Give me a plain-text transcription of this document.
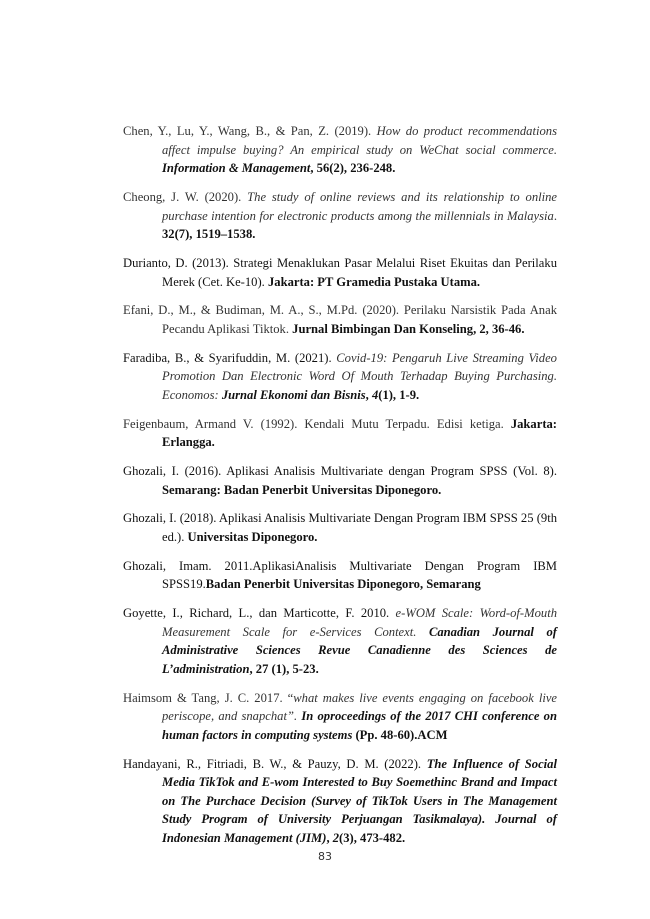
Chen, Y., Lu, Y., Wang, B., & Pan, Z. (2019). How do product recommendations affect impulse buying? An empirical study on WeChat social commerce. Information & Management, 56(2), 236-248.

Cheong, J. W. (2020). The study of online reviews and its relationship to online purchase intention for electronic products among the millennials in Malaysia. 32(7), 1519–1538.

Durianto, D. (2013). Strategi Menaklukan Pasar Melalui Riset Ekuitas dan Perilaku Merek (Cet. Ke-10). Jakarta: PT Gramedia Pustaka Utama.

Efani, D., M., & Budiman, M. A., S., M.Pd. (2020). Perilaku Narsistik Pada Anak Pecandu Aplikasi Tiktok. Jurnal Bimbingan Dan Konseling, 2, 36-46.

Faradiba, B., & Syarifuddin, M. (2021). Covid-19: Pengaruh Live Streaming Video Promotion Dan Electronic Word Of Mouth Terhadap Buying Purchasing. Economos: Jurnal Ekonomi dan Bisnis, 4(1), 1-9.

Feigenbaum, Armand V. (1992). Kendali Mutu Terpadu. Edisi ketiga. Jakarta: Erlangga.

Ghozali, I. (2016). Aplikasi Analisis Multivariate dengan Program SPSS (Vol. 8). Semarang: Badan Penerbit Universitas Diponegoro.

Ghozali, I. (2018). Aplikasi Analisis Multivariate Dengan Program IBM SPSS 25 (9th ed.). Universitas Diponegoro.

Ghozali, Imam. 2011.AplikasiAnalisis Multivariate Dengan Program IBM SPSS19.Badan Penerbit Universitas Diponegoro, Semarang

Goyette, I., Richard, L., dan Marticotte, F. 2010. e-WOM Scale: Word-of-Mouth Measurement Scale for e-Services Context. Canadian Journal of Administrative Sciences Revue Canadienne des Sciences de L’administration, 27 (1), 5-23.

Haimsom & Tang, J. C. 2017. “what makes live events engaging on facebook live periscope, and snapchat”. In oproceedings of the 2017 CHI conference on human factors in computing systems (Pp. 48-60).ACM

Handayani, R., Fitriadi, B. W., & Pauzy, D. M. (2022). The Influence of Social Media TikTok and E-wom Interested to Buy Soemethinc Brand and Impact on The Purchace Decision (Survey of TikTok Users in The Management Study Program of University Perjuangan Tasikmalaya). Journal of Indonesian Management (JIM), 2(3), 473-482.

83
